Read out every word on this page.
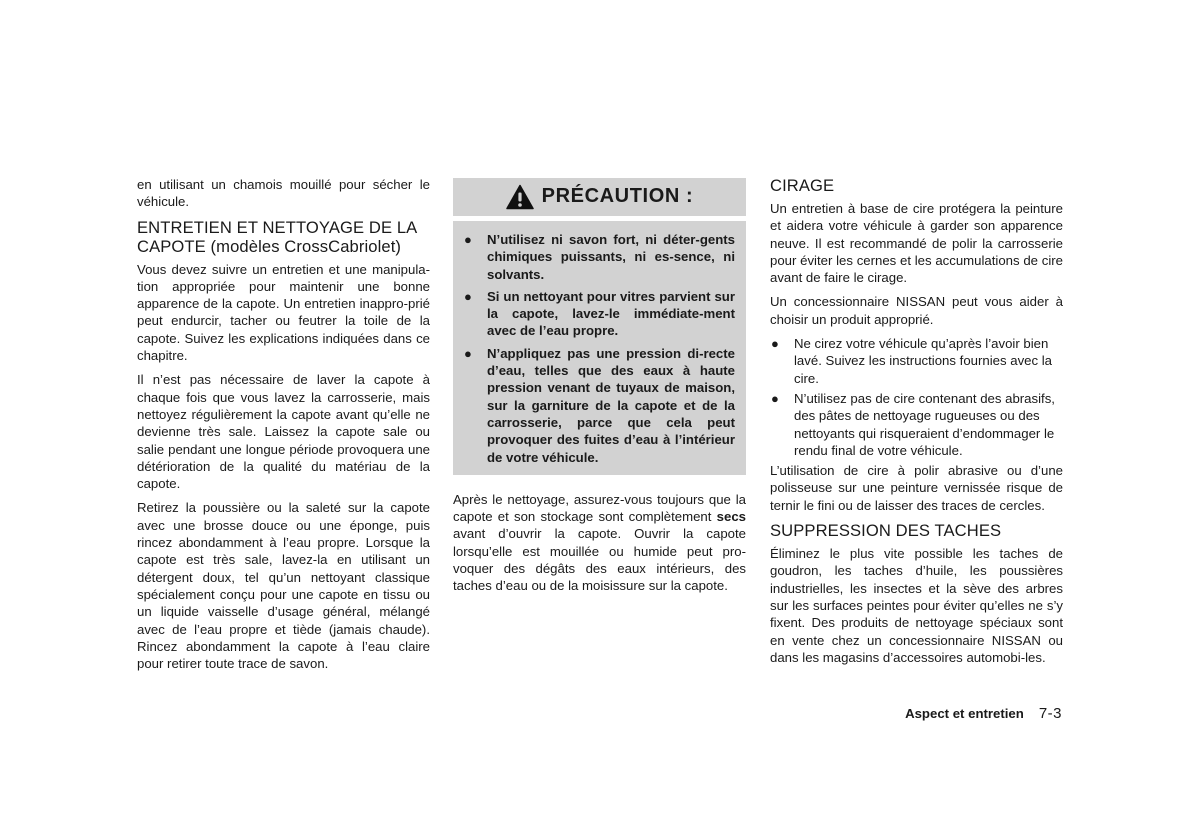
en utilisant un chamois mouillé pour sécher le véhicule.

ENTRETIEN ET NETTOYAGE DE LA CAPOTE (modèles CrossCabriolet)

Vous devez suivre un entretien et une manipula-tion appropriée pour maintenir une bonne apparence de la capote. Un entretien inappro-prié peut endurcir, tacher ou feutrer la toile de la capote. Suivez les explications indiquées dans ce chapitre.

Il n’est pas nécessaire de laver la capote à chaque fois que vous lavez la carrosserie, mais nettoyez régulièrement la capote avant qu’elle ne devienne très sale. Laissez la capote sale ou salie pendant une longue période provoquera une détérioration de la qualité du matériau de la capote.

Retirez la poussière ou la saleté sur la capote avec une brosse douce ou une éponge, puis rincez abondamment à l’eau propre. Lorsque la capote est très sale, lavez-la en utilisant un détergent doux, tel qu’un nettoyant classique spécialement conçu pour une capote en tissu ou un liquide vaisselle d’usage général, mélangé avec de l’eau propre et tiède (jamais chaude). Rincez abondamment la capote à l’eau claire pour retirer toute trace de savon.

PRÉCAUTION :
● N’utilisez ni savon fort, ni déter-gents chimiques puissants, ni es-sence, ni solvants.
● Si un nettoyant pour vitres parvient sur la capote, lavez-le immédiate-ment avec de l’eau propre.
● N’appliquez pas une pression di-recte d’eau, telles que des eaux à haute pression venant de tuyaux de maison, sur la garniture de la capote et de la carrosserie, parce que cela peut provoquer des fuites d’eau à l’intérieur de votre véhicule.

Après le nettoyage, assurez-vous toujours que la capote et son stockage sont complètement secs avant d’ouvrir la capote. Ouvrir la capote lorsqu’elle est mouillée ou humide peut pro-voquer des dégâts des eaux intérieurs, des taches d’eau ou de la moisissure sur la capote.

CIRAGE

Un entretien à base de cire protégera la peinture et aidera votre véhicule à garder son apparence neuve. Il est recommandé de polir la carrosserie pour éviter les cernes et les accumulations de cire avant de faire le cirage.

Un concessionnaire NISSAN peut vous aider à choisir un produit approprié.

● Ne cirez votre véhicule qu’après l’avoir bien lavé. Suivez les instructions fournies avec la cire.
● N’utilisez pas de cire contenant des abrasifs, des pâtes de nettoyage rugueuses ou des nettoyants qui risqueraient d’endommager le rendu final de votre véhicule.

L’utilisation de cire à polir abrasive ou d’une polisseuse sur une peinture vernissée risque de ternir le fini ou de laisser des traces de cercles.

SUPPRESSION DES TACHES

Éliminez le plus vite possible les taches de goudron, les taches d’huile, les poussières industrielles, les insectes et la sève des arbres sur les surfaces peintes pour éviter qu’elles ne s’y fixent. Des produits de nettoyage spéciaux sont en vente chez un concessionnaire NISSAN ou dans les magasins d’accessoires automobi-les.

Aspect et entretien 7-3
